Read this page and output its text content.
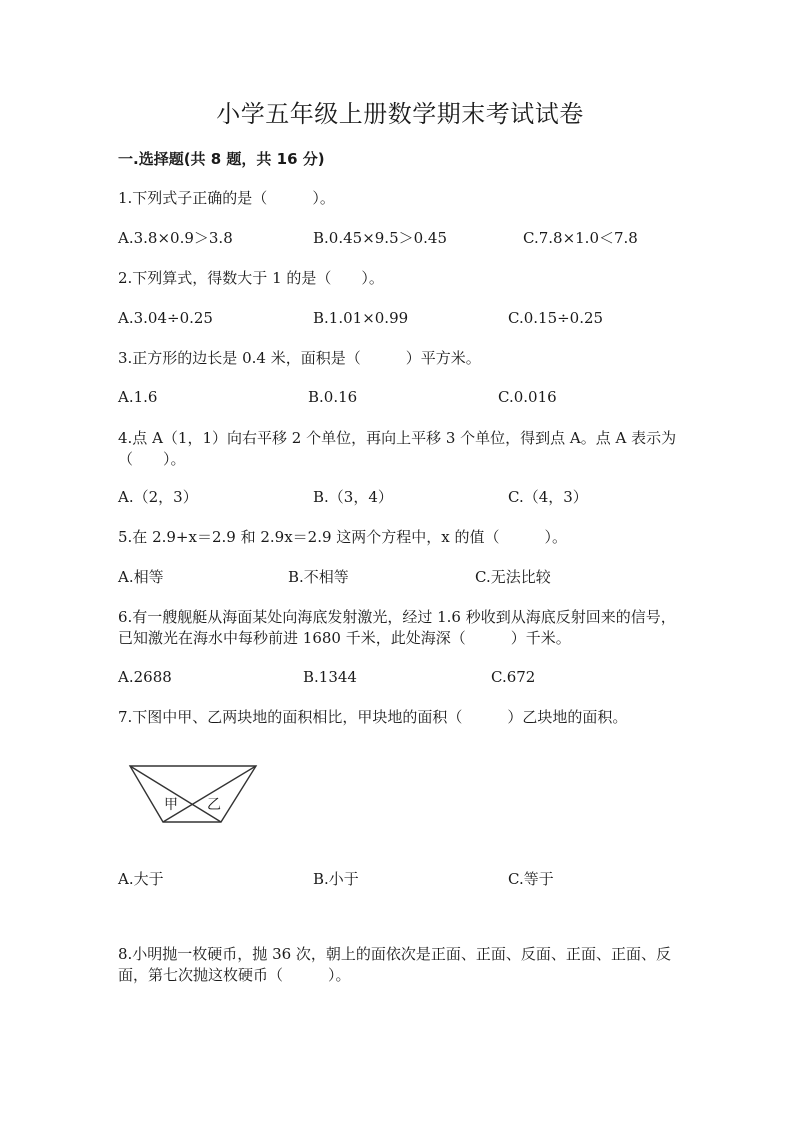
小学五年级上册数学期末考试试卷
一.选择题(共 8 题，共 16 分)
1.下列式子正确的是（　　　）。
A.3.8×0.9＞3.8	B.0.45×9.5＞0.45	C.7.8×1.0＜7.8
2.下列算式，得数大于 1 的是（　　）。
A.3.04÷0.25	B.1.01×0.99	C.0.15÷0.25
3.正方形的边长是 0.4 米，面积是（　　　）平方米。
A.1.6	B.0.16	C.0.016
4.点 A（1，1）向右平移 2 个单位，再向上平移 3 个单位，得到点 A。点 A 表示为（　　）。
A.（2，3）	B.（3，4）	C.（4，3）
5.在 2.9+x＝2.9 和 2.9x＝2.9 这两个方程中，x 的值（　　　）。
A.相等	B.不相等	C.无法比较
6.有一艘舰艇从海面某处向海底发射激光，经过 1.6 秒收到从海底反射回来的信号，已知激光在海水中每秒前进 1680 千米，此处海深（　　　）千米。
A.2688	B.1344	C.672
7.下图中甲、乙两块地的面积相比，甲块地的面积（　　　）乙块地的面积。
甲 乙
A.大于	B.小于	C.等于
8.小明抛一枚硬币，抛 36 次，朝上的面依次是正面、正面、反面、正面、正面、反面，第七次抛这枚硬币（　　　）。
